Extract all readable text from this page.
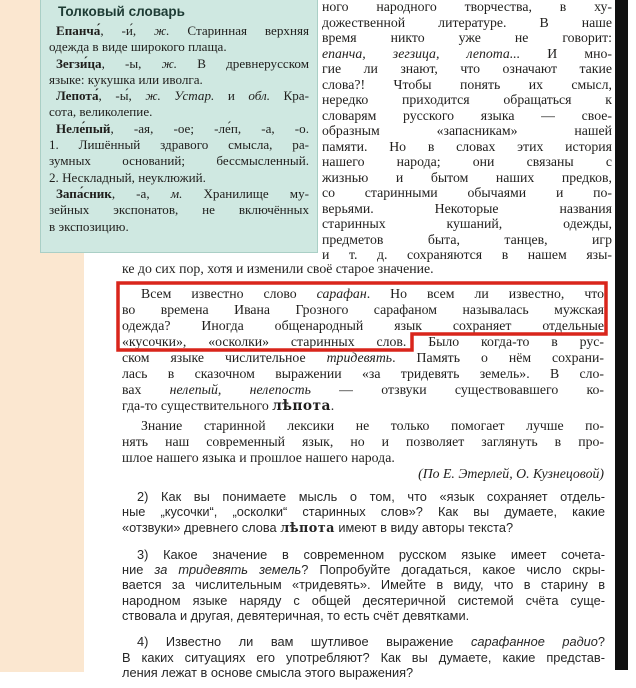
Толковый словарь
Епанча́, -и́, ж. Старинная верхняя
одежда в виде широкого плаща.
Зегзи́ца, -ы, ж. В древнерусском
языке: кукушка или иволга.
Лепота́, -ы́, ж. Устар. и обл. Кра-
сота, великолепие.
Неле́пый, -ая, -ое; -ле́п, -а, -о.
1. Лишённый здравого смысла, ра-
зумных оснований; бессмысленный.
2. Нескладный, неуклюжий.
Запа́сник, -а, м. Хранилище му-
зейных экспонатов, не включённых
в экспозицию.
ного народного творчества, в ху-
дожественной литературе. В наше
время никто уже не говорит:
епанча, зегзица, лепота... И мно-
гие ли знают, что означают такие
слова?! Чтобы понять их смысл,
нередко приходится обращаться к
словарям русского языка — свое-
образным «запасникам» нашей
памяти. Но в словах этих история
нашего народа; они связаны с
жизнью и бытом наших предков,
со старинными обычаями и по-
верьями. Некоторые названия
старинных кушаний, одежды,
предметов быта, танцев, игр
и т. д. сохраняются в нашем язы-
ке до сих пор, хотя и изменили своё старое значение.
Всем известно слово сарафан. Но всем ли известно, что
во времена Ивана Грозного сарафаном называлась мужская
одежда? Иногда общенародный язык сохраняет отдельные
«кусочки», «осколки» старинных слов. Было когда-то в рус-
ском языке числительное тридевять. Память о нём сохрани-
лась в сказочном выражении «за тридевять земель». В сло-
вах нелепый, нелепость — отзвуки существовавшего ко-
гда-то существительного лѣпота.
Знание старинной лексики не только помогает лучше по-
нять наш современный язык, но и позволяет заглянуть в про-
шлое нашего языка и прошлое нашего народа.
(По Е. Этерлей, О. Кузнецовой)
2) Как вы понимаете мысль о том, что «язык сохраняет отдель-
ные „кусочки“, „осколки“ старинных слов»? Как вы думаете, какие
«отзвуки» древнего слова лѣпота имеют в виду авторы текста?
3) Какое значение в современном русском языке имеет сочета-
ние за тридевять земель? Попробуйте догадаться, какое число скры-
вается за числительным «тридевять». Имейте в виду, что в старину в
народном языке наряду с общей десятеричной системой счёта суще-
ствовала и другая, девятеричная, то есть счёт девятками.
4) Известно ли вам шутливое выражение сарафанное радио?
В каких ситуациях его употребляют? Как вы думаете, какие представ-
ления лежат в основе смысла этого выражения?
